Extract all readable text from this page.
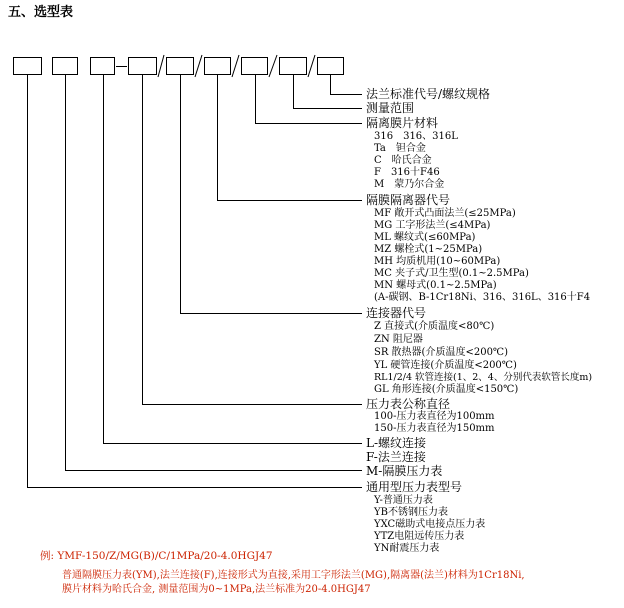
五、选型表
法兰标准代号/螺纹规格
测量范围
隔离膜片材料
316　316、316L
Ta　钽合金
C　哈氏合金
F　316十F46
M　蒙乃尔合金
隔膜隔离器代号
MF 敞开式凸面法兰(≤25MPa)
MG 工字形法兰(≤4MPa)
ML 螺纹式(≤60MPa)
MZ 螺栓式(1~25MPa)
MH 均质机用(10~60MPa)
MC 夹子式/卫生型(0.1~2.5MPa)
MN 螺母式(0.1~2.5MPa)
(A-碳钢、B-1Cr18Ni、316、316L、316十F4
连接器代号
Z 直接式(介质温度<80℃)
ZN 阻尼器
SR 散热器(介质温度<200℃)
YL 硬管连接(介质温度<200℃)
RL1/2/4 软管连接(1、2、4、分别代表软管长度m)
GL 角形连接(介质温度<150℃)
压力表公称直径
100-压力表直径为100mm
150-压力表直径为150mm
L-螺纹连接
F-法兰连接
M-隔膜压力表
通用型压力表型号
Y-普通压力表
YB不锈钢压力表
YXC磁助式电接点压力表
YTZ电阻远传压力表
YN耐震压力表
例: YMF-150/Z/MG(B)/C/1MPa/20-4.0HGJ47
普通隔膜压力表(YM),法兰连接(F),连接形式为直接,采用工字形法兰(MG),隔离器(法兰)材料为1Cr18Ni,
膜片材料为哈氏合金, 测量范围为0~1MPa,法兰标准为20-4.0HGJ47
